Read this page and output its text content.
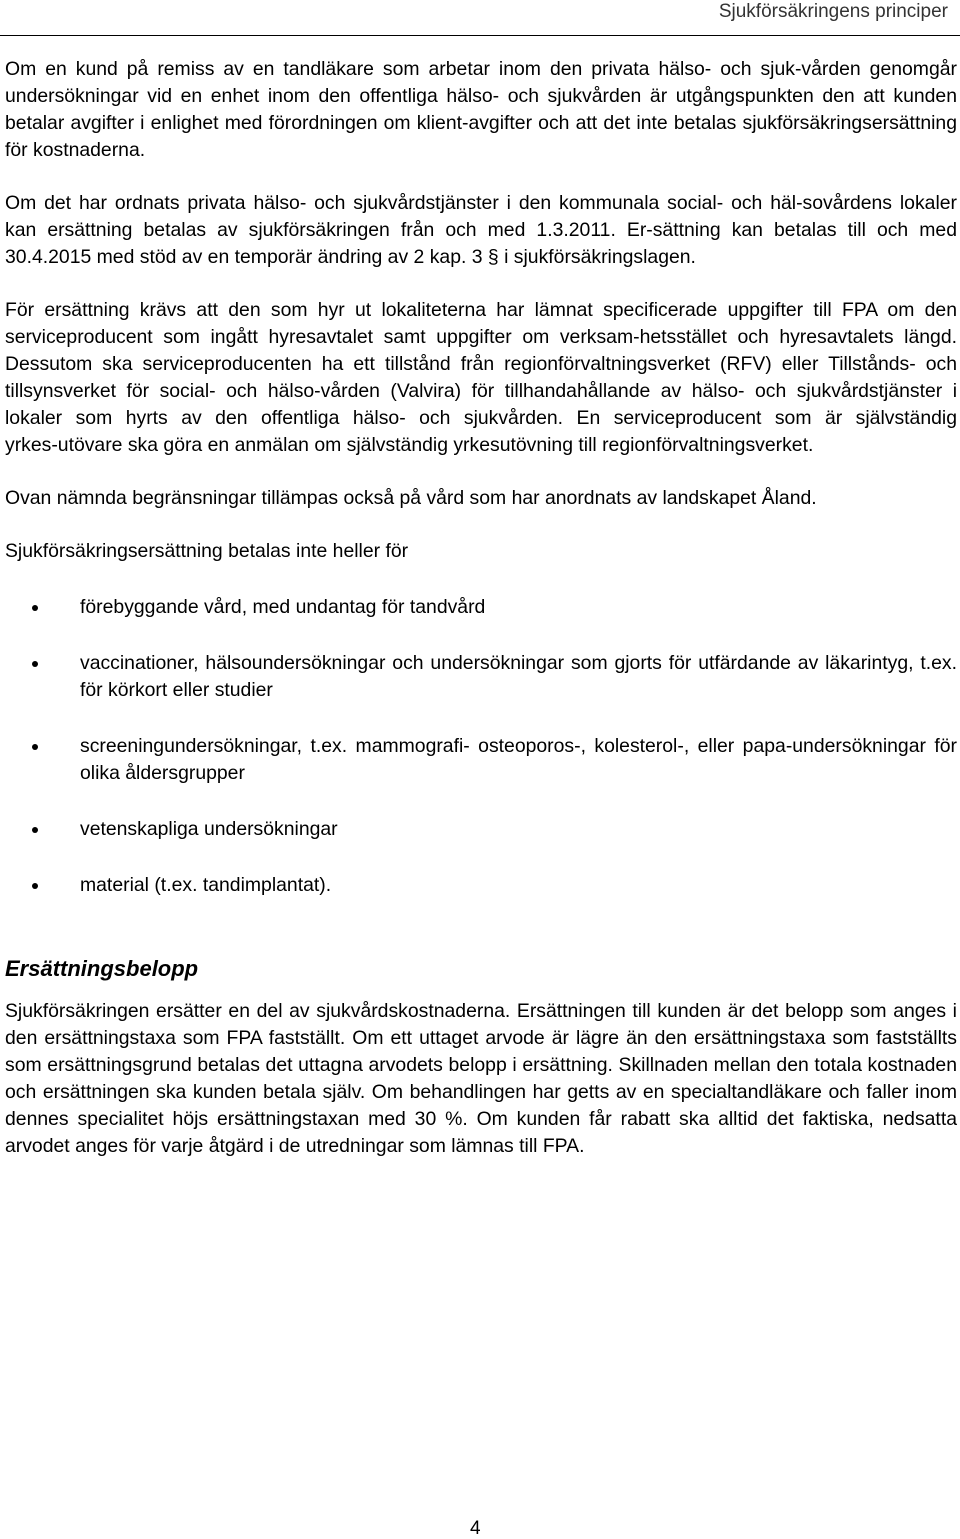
Sjukförsäkringens principer

Om en kund på remiss av en tandläkare som arbetar inom den privata hälso- och sjuk‑vården genomgår undersökningar vid en enhet inom den offentliga hälso- och sjukvården är utgångspunkten den att kunden betalar avgifter i enlighet med förordningen om klient‑avgifter och att det inte betalas sjukförsäkringsersättning för kostnaderna.

Om det har ordnats privata hälso- och sjukvårdstjänster i den kommunala social- och häl‑sovårdens lokaler kan ersättning betalas av sjukförsäkringen från och med 1.3.2011. Er‑sättning kan betalas till och med 30.4.2015 med stöd av en temporär ändring av 2 kap. 3 § i sjukförsäkringslagen.

För ersättning krävs att den som hyr ut lokaliteterna har lämnat specificerade uppgifter till FPA om den serviceproducent som ingått hyresavtalet samt uppgifter om verksam‑hetsstället och hyresavtalets längd. Dessutom ska serviceproducenten ha ett tillstånd från regionförvaltningsverket (RFV) eller Tillstånds- och tillsynsverket för social- och hälso‑vården (Valvira) för tillhandahållande av hälso- och sjukvårdstjänster i lokaler som hyrts av den offentliga hälso- och sjukvården. En serviceproducent som är självständig yrkes‑utövare ska göra en anmälan om självständig yrkesutövning till regionförvaltningsverket.

Ovan nämnda begränsningar tillämpas också på vård som har anordnats av landskapet Åland.

Sjukförsäkringsersättning betalas inte heller för

förebyggande vård, med undantag för tandvård
vaccinationer, hälsoundersökningar och undersökningar som gjorts för utfärdande av läkarintyg, t.ex. för körkort eller studier
screeningundersökningar, t.ex. mammografi- osteoporos-, kolesterol-, eller papa‑undersökningar för olika åldersgrupper
vetenskapliga undersökningar
material (t.ex. tandimplantat).
Ersättningsbelopp

Sjukförsäkringen ersätter en del av sjukvårdskostnaderna. Ersättningen till kunden är det belopp som anges i den ersättningstaxa som FPA fastställt. Om ett uttaget arvode är lägre än den ersättningstaxa som fastställts som ersättningsgrund betalas det uttagna arvodets belopp i ersättning. Skillnaden mellan den totala kostnaden och ersättningen ska kunden betala själv. Om behandlingen har getts av en specialtandläkare och faller inom dennes specialitet höjs ersättningstaxan med 30 %. Om kunden får rabatt ska alltid det faktiska, nedsatta arvodet anges för varje åtgärd i de utredningar som lämnas till FPA.

4
